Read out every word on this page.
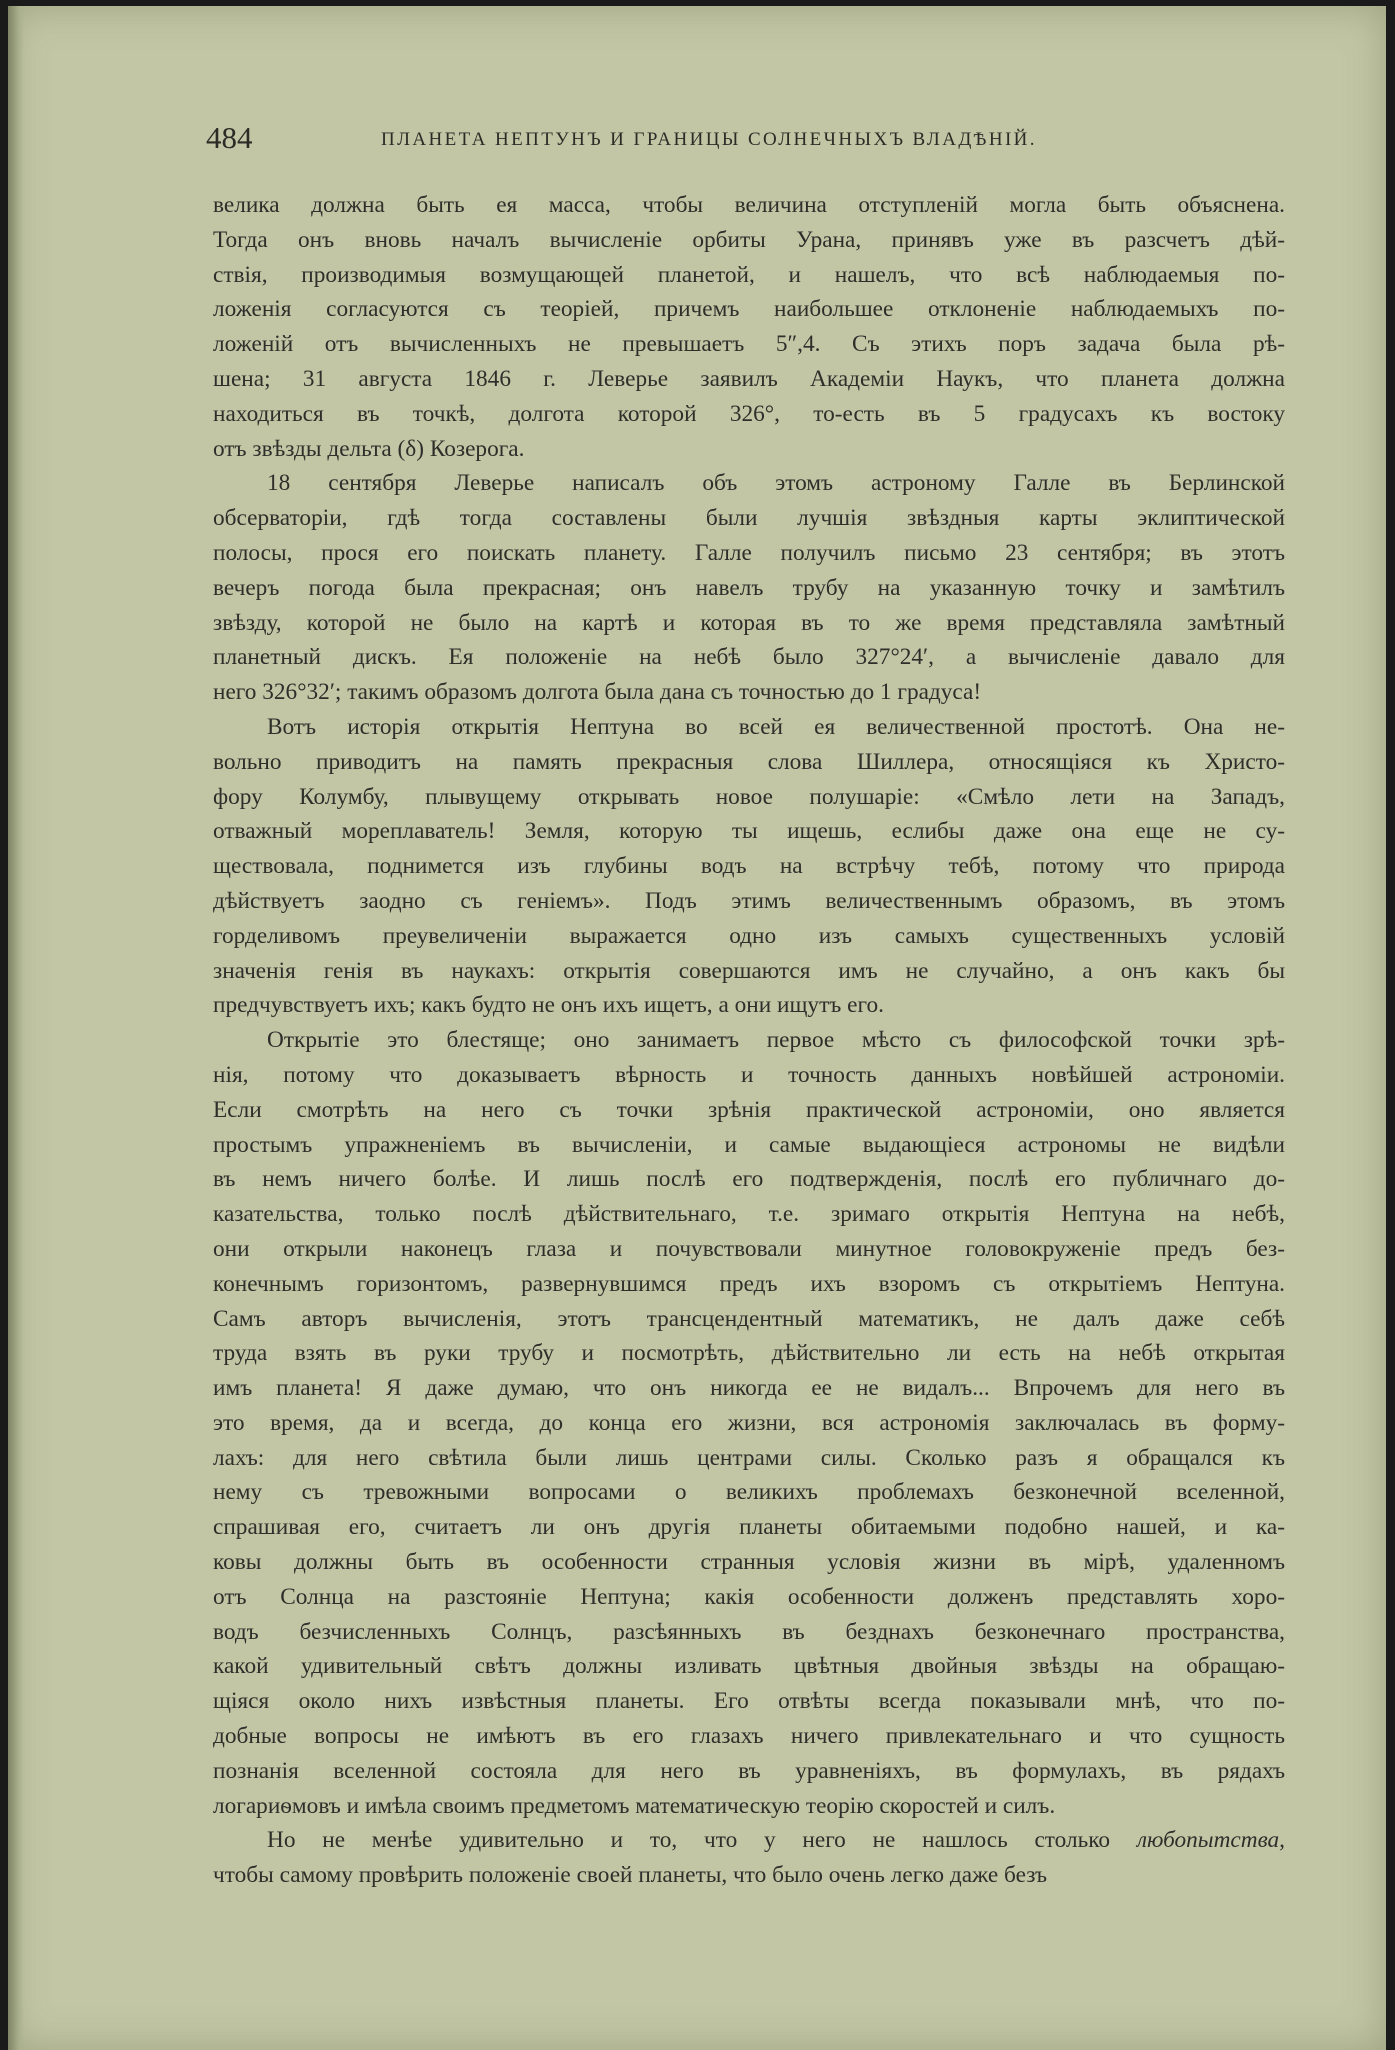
484	ПЛАНЕТА НЕПТУНЪ И ГРАНИЦЫ СОЛНЕЧНЫХЪ ВЛАДѢНІЙ.

велика должна быть ея масса, чтобы величина отступленій могла быть объяснена.
Тогда онъ вновь началъ вычисленіе орбиты Урана, принявъ уже въ разсчетъ дѣй-
ствія, производимыя возмущающей планетой, и нашелъ, что всѣ наблюдаемыя по-
ложенія согласуются съ теоріей, причемъ наибольшее отклоненіе наблюдаемыхъ по-
ложеній отъ вычисленныхъ не превышаетъ 5″,4. Съ этихъ поръ задача была рѣ-
шена; 31 августа 1846 г. Леверье заявилъ Академіи Наукъ, что планета должна
находиться въ точкѣ, долгота которой 326°, то-есть въ 5 градусахъ къ востоку
отъ звѣзды дельта (δ) Козерога.

18 сентября Леверье написалъ объ этомъ астроному Галле въ Берлинской
обсерваторіи, гдѣ тогда составлены были лучшія звѣздныя карты эклиптической
полосы, прося его поискать планету. Галле получилъ письмо 23 сентября; въ этотъ
вечеръ погода была прекрасная; онъ навелъ трубу на указанную точку и замѣтилъ
звѣзду, которой не было на картѣ и которая въ то же время представляла замѣтный
планетный дискъ. Ея положеніе на небѣ было 327°24′, а вычисленіе давало для
него 326°32′; такимъ образомъ долгота была дана съ точностью до 1 градуса!

Вотъ исторія открытія Нептуна во всей ея величественной простотѣ. Она не-
вольно приводитъ на память прекрасныя слова Шиллера, относящіяся къ Христо-
фору Колумбу, плывущему открывать новое полушаріе: «Смѣло лети на Западъ,
отважный мореплаватель! Земля, которую ты ищешь, еслибы даже она еще не су-
ществовала, поднимется изъ глубины водъ на встрѣчу тебѣ, потому что природа
дѣйствуетъ заодно съ геніемъ». Подъ этимъ величественнымъ образомъ, въ этомъ
горделивомъ преувеличеніи выражается одно изъ самыхъ существенныхъ условій
значенія генія въ наукахъ: открытія совершаются имъ не случайно, а онъ какъ бы
предчувствуетъ ихъ; какъ будто не онъ ихъ ищетъ, а они ищутъ его.

Открытіе это блестяще; оно занимаетъ первое мѣсто съ философской точки зрѣ-
нія, потому что доказываетъ вѣрность и точность данныхъ новѣйшей астрономіи.
Если смотрѣть на него съ точки зрѣнія практической астрономіи, оно является
простымъ упражненіемъ въ вычисленіи, и самые выдающіеся астрономы не видѣли
въ немъ ничего болѣе. И лишь послѣ его подтвержденія, послѣ его публичнаго до-
казательства, только послѣ дѣйствительнаго, т.е. зримаго открытія Нептуна на небѣ,
они открыли наконецъ глаза и почувствовали минутное головокруженіе предъ без-
конечнымъ горизонтомъ, развернувшимся предъ ихъ взоромъ съ открытіемъ Нептуна.
Самъ авторъ вычисленія, этотъ трансцендентный математикъ, не далъ даже себѣ
труда взять въ руки трубу и посмотрѣть, дѣйствительно ли есть на небѣ открытая
имъ планета! Я даже думаю, что онъ никогда ее не видалъ... Впрочемъ для него въ
это время, да и всегда, до конца его жизни, вся астрономія заключалась въ форму-
лахъ: для него свѣтила были лишь центрами силы. Сколько разъ я обращался къ
нему съ тревожными вопросами о великихъ проблемахъ безконечной вселенной,
спрашивая его, считаетъ ли онъ другія планеты обитаемыми подобно нашей, и ка-
ковы должны быть въ особенности странныя условія жизни въ мірѣ, удаленномъ
отъ Солнца на разстояніе Нептуна; какія особенности долженъ представлять хоро-
водъ безчисленныхъ Солнцъ, разсѣянныхъ въ безднахъ безконечнаго пространства,
какой удивительный свѣтъ должны изливать цвѣтныя двойныя звѣзды на обращаю-
щіяся около нихъ извѣстныя планеты. Его отвѣты всегда показывали мнѣ, что по-
добные вопросы не имѣютъ въ его глазахъ ничего привлекательнаго и что сущность
познанія вселенной состояла для него въ уравненіяхъ, въ формулахъ, въ рядахъ
логариѳмовъ и имѣла своимъ предметомъ математическую теорію скоростей и силъ.

Но не менѣе удивительно и то, что у него не нашлось столько любопытства,
чтобы самому провѣрить положеніе своей планеты, что было очень легко даже безъ
